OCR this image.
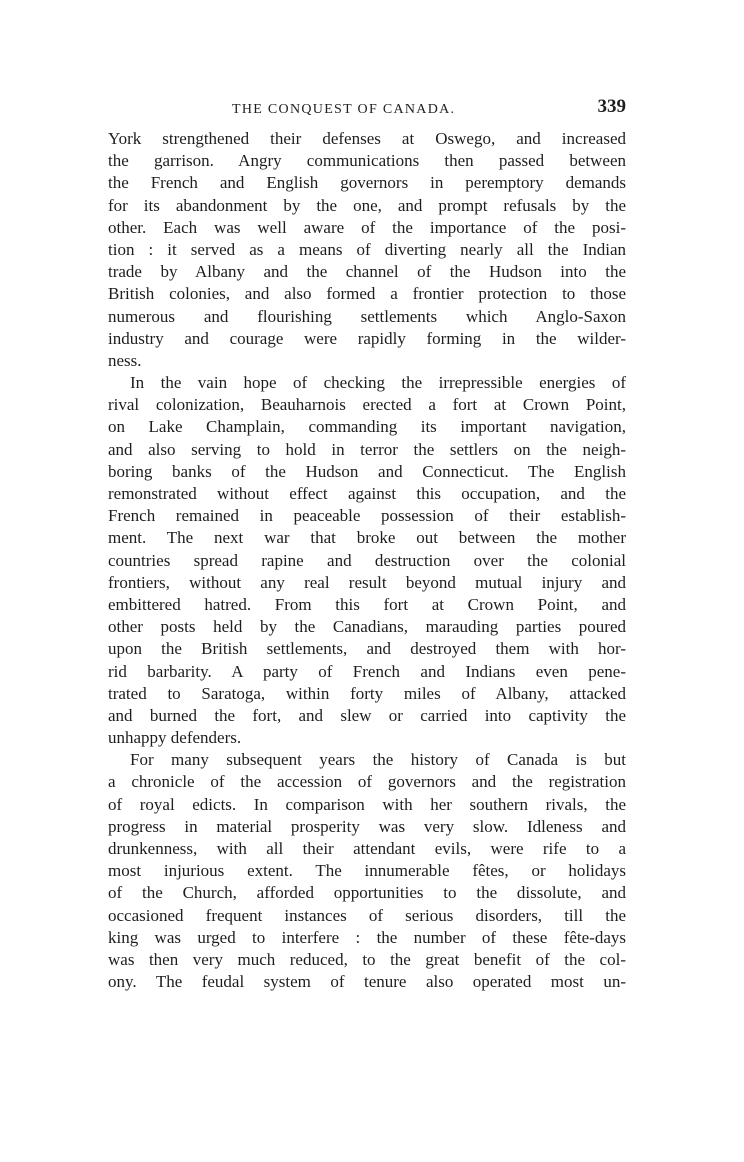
THE CONQUEST OF CANADA.	339
York strengthened their defenses at Oswego, and increased
the garrison. Angry communications then passed between
the French and English governors in peremptory demands
for its abandonment by the one, and prompt refusals by the
other. Each was well aware of the importance of the posi-
tion : it served as a means of diverting nearly all the Indian
trade by Albany and the channel of the Hudson into the
British colonies, and also formed a frontier protection to those
numerous and flourishing settlements which Anglo-Saxon
industry and courage were rapidly forming in the wilder-
ness.
In the vain hope of checking the irrepressible energies of
rival colonization, Beauharnois erected a fort at Crown Point,
on Lake Champlain, commanding its important navigation,
and also serving to hold in terror the settlers on the neigh-
boring banks of the Hudson and Connecticut. The English
remonstrated without effect against this occupation, and the
French remained in peaceable possession of their establish-
ment. The next war that broke out between the mother
countries spread rapine and destruction over the colonial
frontiers, without any real result beyond mutual injury and
embittered hatred. From this fort at Crown Point, and
other posts held by the Canadians, marauding parties poured
upon the British settlements, and destroyed them with hor-
rid barbarity. A party of French and Indians even pene-
trated to Saratoga, within forty miles of Albany, attacked
and burned the fort, and slew or carried into captivity the
unhappy defenders.
For many subsequent years the history of Canada is but
a chronicle of the accession of governors and the registration
of royal edicts. In comparison with her southern rivals, the
progress in material prosperity was very slow. Idleness and
drunkenness, with all their attendant evils, were rife to a
most injurious extent. The innumerable fêtes, or holidays
of the Church, afforded opportunities to the dissolute, and
occasioned frequent instances of serious disorders, till the
king was urged to interfere : the number of these fête-days
was then very much reduced, to the great benefit of the col-
ony. The feudal system of tenure also operated most un-
